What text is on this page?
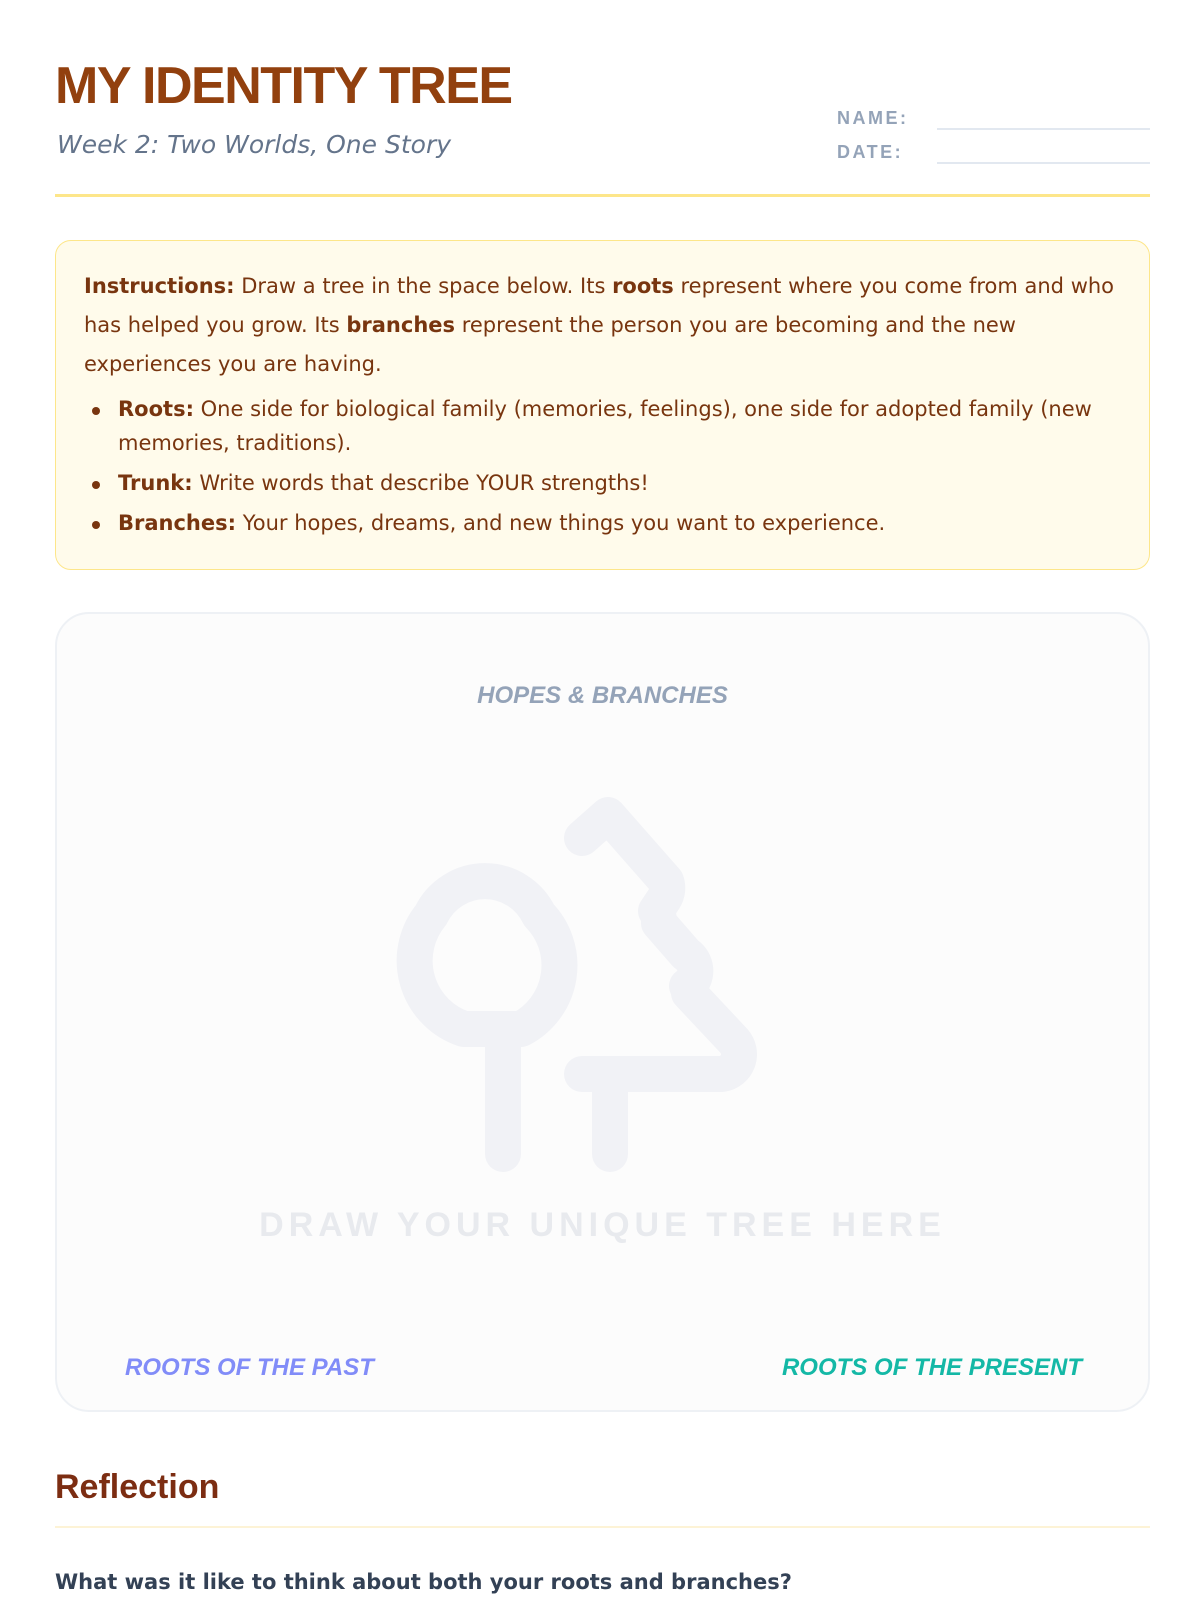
MY IDENTITY TREE
Week 2: Two Worlds, One Story
NAME:
DATE:

Instructions: Draw a tree in the space below. Its roots represent where you come from and who has helped you grow. Its branches represent the person you are becoming and the new experiences you are having.

Roots: One side for biological family (memories, feelings), one side for adopted family (new memories, traditions).
Trunk: Write words that describe YOUR strengths!
Branches: Your hopes, dreams, and new things you want to experience.
HOPES & BRANCHES
DRAW YOUR UNIQUE TREE HERE
ROOTS OF THE PAST	ROOTS OF THE PRESENT
Reflection
What was it like to think about both your roots and branches?
